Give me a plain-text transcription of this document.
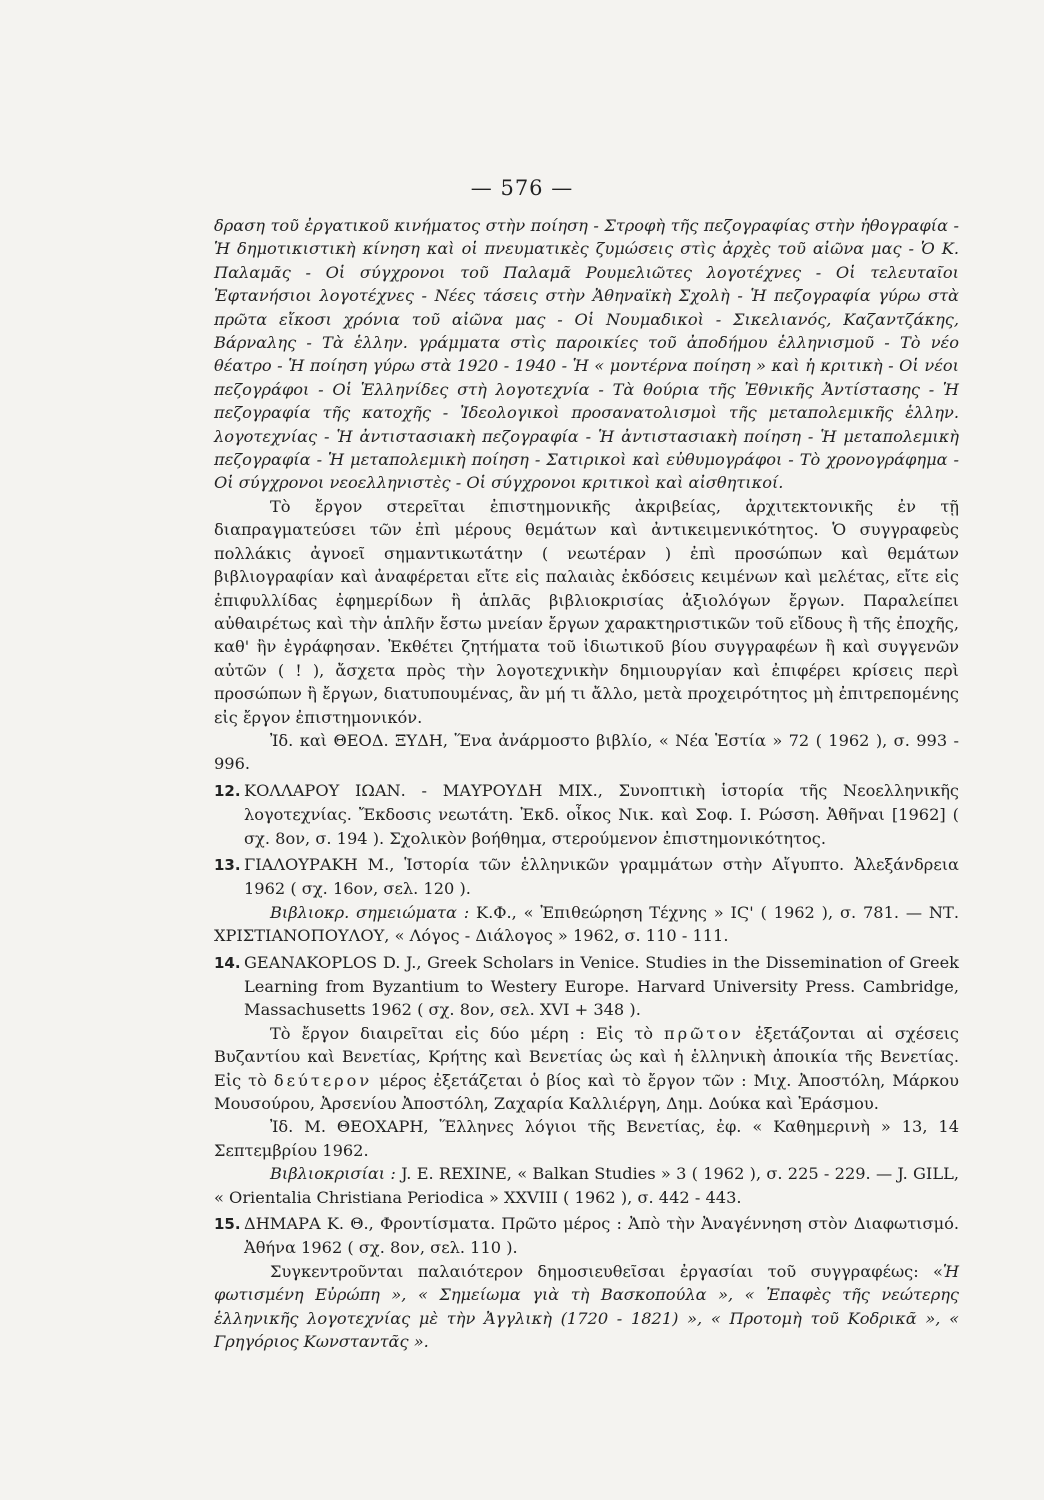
— 576 —

δραση τοῦ ἐργατικοῦ κινήματος στὴν ποίηση - Στροφὴ τῆς πεζογραφίας στὴν ἠθογραφία - Ἡ δημοτικιστικὴ κίνηση καὶ οἱ πνευματικὲς ζυμώσεις στὶς ἀρχὲς τοῦ αἰῶνα μας - Ὁ Κ. Παλαμᾶς - Οἱ σύγχρονοι τοῦ Παλαμᾶ Ρουμελιῶτες λογοτέχνες - Οἱ τελευταῖοι Ἑφτανήσιοι λογοτέχνες - Νέες τάσεις στὴν Ἀθηναϊκὴ Σχολὴ - Ἡ πεζογραφία γύρω στὰ πρῶτα εἴκοσι χρόνια τοῦ αἰῶνα μας - Οἱ Νουμαδικοὶ - Σικελιανός, Καζαντζάκης, Βάρναλης - Τὰ ἑλλην. γράμματα στὶς παροικίες τοῦ ἀποδήμου ἑλληνισμοῦ - Τὸ νέο θέατρο - Ἡ ποίηση γύρω στὰ 1920 - 1940 - Ἡ « μοντέρνα ποίηση » καὶ ἡ κριτικὴ - Οἱ νέοι πεζογράφοι - Οἱ Ἑλληνίδες στὴ λογοτεχνία - Τὰ θούρια τῆς Ἐθνικῆς Ἀντίστασης - Ἡ πεζογραφία τῆς κατοχῆς - Ἰδεολογικοὶ προσανατολισμοὶ τῆς μεταπολεμικῆς ἑλλην. λογοτεχνίας - Ἡ ἀντιστασιακὴ πεζογραφία - Ἡ ἀντιστασιακὴ ποίηση - Ἡ μεταπολεμικὴ πεζογραφία - Ἡ μεταπολεμικὴ ποίηση - Σατιρικοὶ καὶ εὐθυμογράφοι - Τὸ χρονογράφημα - Οἱ σύγχρονοι νεοελληνιστὲς - Οἱ σύγχρονοι κριτικοὶ καὶ αἰσθητικοί.

Τὸ ἔργον στερεῖται ἐπιστημονικῆς ἀκριβείας, ἀρχιτεκτονικῆς ἐν τῇ διαπραγματεύσει τῶν ἐπὶ μέρους θεμάτων καὶ ἀντικειμενικότητος. Ὁ συγγραφεὺς πολλάκις ἀγνοεῖ σημαντικωτάτην ( νεωτέραν ) ἐπὶ προσώπων καὶ θεμάτων βιβλιογραφίαν καὶ ἀναφέρεται εἴτε εἰς παλαιὰς ἐκδόσεις κειμένων καὶ μελέτας, εἴτε εἰς ἐπιφυλλίδας ἐφημερίδων ἢ ἁπλᾶς βιβλιοκρισίας ἀξιολόγων ἔργων. Παραλείπει αὐθαιρέτως καὶ τὴν ἁπλῆν ἔστω μνείαν ἔργων χαρακτηριστικῶν τοῦ εἴδους ἢ τῆς ἐποχῆς, καθ' ἣν ἐγράφησαν. Ἐκθέτει ζητήματα τοῦ ἰδιωτικοῦ βίου συγγραφέων ἢ καὶ συγγενῶν αὐτῶν ( ! ), ἄσχετα πρὸς τὴν λογοτεχνικὴν δημιουργίαν καὶ ἐπιφέρει κρίσεις περὶ προσώπων ἢ ἔργων, διατυπουμένας, ἂν μή τι ἄλλο, μετὰ προχειρότητος μὴ ἐπιτρεπομένης εἰς ἔργον ἐπιστημονικόν.

Ἰδ. καὶ ΘΕΟΔ. ΞΥΔΗ, Ἕνα ἀνάρμοστο βιβλίο, « Νέα Ἑστία » 72 ( 1962 ), σ. 993 - 996.

12. ΚΟΛΛΑΡΟΥ ΙΩΑΝ. - ΜΑΥΡΟΥΔΗ ΜΙΧ., Συνοπτικὴ ἱστορία τῆς Νεοελληνικῆς λογοτεχνίας. Ἔκδοσις νεωτάτη. Ἐκδ. οἶκος Νικ. καὶ Σοφ. Ι. Ρώσση. Ἀθῆναι [1962] ( σχ. 8ον, σ. 194 ). Σχολικὸν βοήθημα, στερούμενον ἐπιστημονικότητος.
13. ΓΙΑΛΟΥΡΑΚΗ Μ., Ἱστορία τῶν ἑλληνικῶν γραμμάτων στὴν Αἴγυπτο. Ἀλεξάνδρεια 1962 ( σχ. 16ον, σελ. 120 ).

Βιβλιοκρ. σημειώματα : Κ.Φ., « Ἐπιθεώρηση Τέχνης » ΙϚ' ( 1962 ), σ. 781. — ΝΤ. ΧΡΙΣΤΙΑΝΟΠΟΥΛΟΥ, « Λόγος - Διάλογος » 1962, σ. 110 - 111.

14. GEANAKOPLOS D. J., Greek Scholars in Venice. Studies in the Dissemination of Greek Learning from Byzantium to Westery Europe. Harvard University Press. Cambridge, Massachusetts 1962 ( σχ. 8ον, σελ. XVI + 348 ).

Τὸ ἔργον διαιρεῖται εἰς δύο μέρη : Εἰς τὸ πρῶτον ἐξετάζονται αἱ σχέσεις Βυζαντίου καὶ Βενετίας, Κρήτης καὶ Βενετίας ὡς καὶ ἡ ἑλληνικὴ ἀποικία τῆς Βενετίας. Εἰς τὸ δεύτερον μέρος ἐξετάζεται ὁ βίος καὶ τὸ ἔργον τῶν : Μιχ. Ἀποστόλη, Μάρκου Μουσούρου, Ἀρσενίου Ἀποστόλη, Ζαχαρία Καλλιέργη, Δημ. Δούκα καὶ Ἐράσμου.

Ἰδ. Μ. ΘΕΟΧΑΡΗ, Ἕλληνες λόγιοι τῆς Βενετίας, ἐφ. « Καθημερινὴ » 13, 14 Σεπτεμβρίου 1962.

Βιβλιοκρισίαι : J. E. REXINE, « Balkan Studies » 3 ( 1962 ), σ. 225 - 229. — J. GILL, « Orientalia Christiana Periodica » XXVIII ( 1962 ), σ. 442 - 443.

15. ΔΗΜΑΡΑ Κ. Θ., Φροντίσματα. Πρῶτο μέρος : Ἀπὸ τὴν Ἀναγέννηση στὸν Διαφωτισμό. Ἀθήνα 1962 ( σχ. 8ον, σελ. 110 ).

Συγκεντροῦνται παλαιότερον δημοσιευθεῖσαι ἐργασίαι τοῦ συγγραφέως: «Ἡ φωτισμένη Εὐρώπη », « Σημείωμα γιὰ τὴ Βασκοπούλα », « Ἐπαφὲς τῆς νεώτερης ἑλληνικῆς λογοτεχνίας μὲ τὴν Ἀγγλικὴ (1720 - 1821) », « Προτομὴ τοῦ Κοδρικᾶ », « Γρηγόριος Κωνσταντᾶς ».
